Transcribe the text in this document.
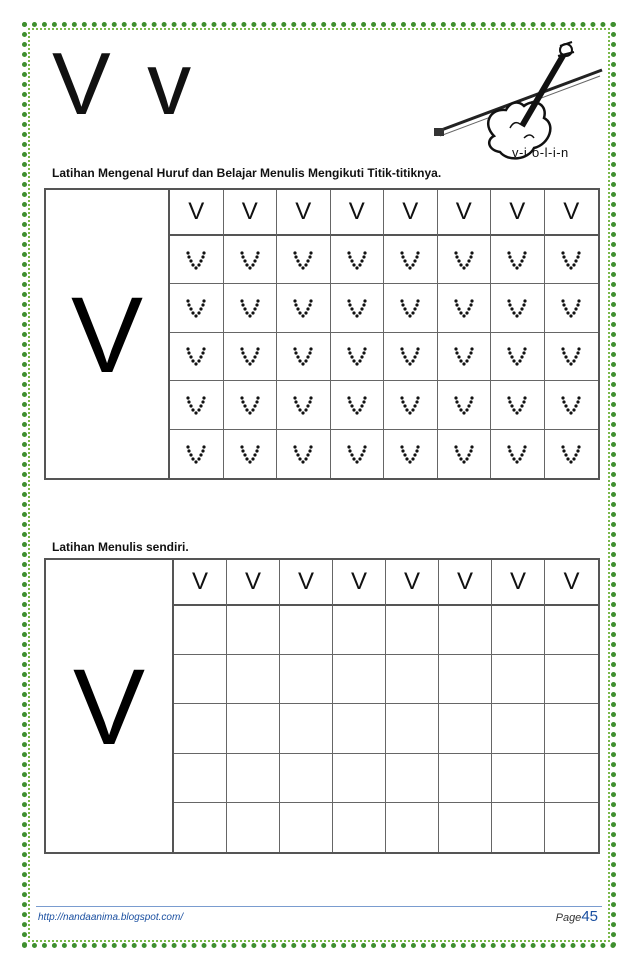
V v
v-i-o-l-i-n
Latihan Mengenal Huruf dan Belajar Menulis Mengikuti Titik-titiknya.
V
V	V	V	V	V	V	V	V
Latihan Menulis sendiri.
V
V	V	V	V	V	V	V	V
http://nandaanima.blogspot.com/	Page45
